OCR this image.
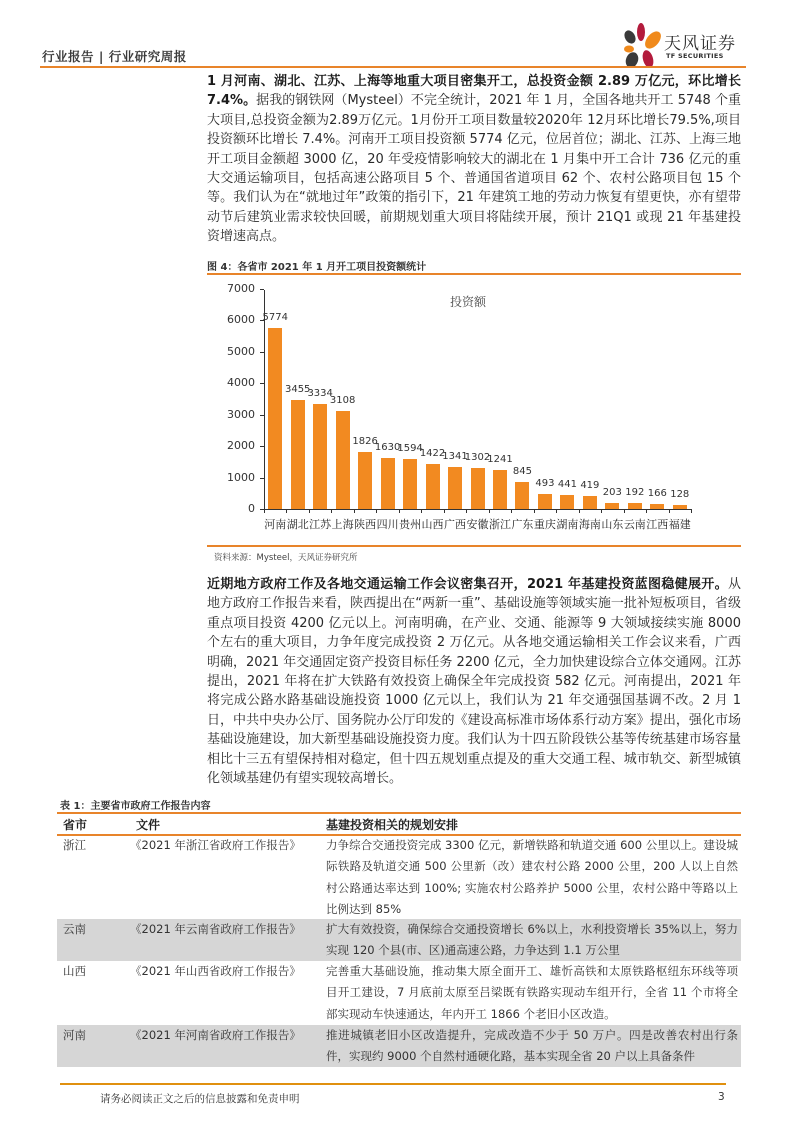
行业报告 | 行业研究周报
天风证券
TF SECURITIES
1 月河南、湖北、江苏、上海等地重大项目密集开工，总投资金额 2.89 万亿元，环比增长 7.4%。据我的钢铁网（Mysteel）不完全统计，2021 年 1 月，全国各地共开工 5748 个重大项目,总投资金额为2.89万亿元。1月份开工项目数量较2020年 12月环比增长79.5%,项目投资额环比增长 7.4%。河南开工项目投资额 5774 亿元，位居首位；湖北、江苏、上海三地开工项目金额超 3000 亿，20 年受疫情影响较大的湖北在 1 月集中开工合计 736 亿元的重大交通运输项目，包括高速公路项目 5 个、普通国省道项目 62 个、农村公路项目包 15 个等。我们认为在“就地过年”政策的指引下，21 年建筑工地的劳动力恢复有望更快，亦有望带动节后建筑业需求较快回暖，前期规划重大项目将陆续开展，预计 21Q1 或现 21 年基建投资增速高点。
图 4：各省市 2021 年 1 月开工项目投资额统计
投资额
0
1000
2000
3000
4000
5000
6000
7000
5774
河南
3455
湖北
3334
江苏
3108
上海
1826
陕西
1630
四川
1594
贵州
1422
山西
1341
广西
1302
安徽
1241
浙江
845
广东
493
重庆
441
湖南
419
海南
203
山东
192
云南
166
江西
128
福建
资料来源：Mysteel，天风证券研究所
近期地方政府工作及各地交通运输工作会议密集召开，2021 年基建投资蓝图稳健展开。从地方政府工作报告来看，陕西提出在“两新一重”、基础设施等领域实施一批补短板项目，省级重点项目投资 4200 亿元以上。河南明确，在产业、交通、能源等 9 大领域接续实施 8000 个左右的重大项目，力争年度完成投资 2 万亿元。从各地交通运输相关工作会议来看，广西明确，2021 年交通固定资产投资目标任务 2200 亿元，全力加快建设综合立体交通网。江苏提出，2021 年将在扩大铁路有效投资上确保全年完成投资 582 亿元。河南提出，2021 年将完成公路水路基础设施投资 1000 亿元以上，我们认为 21 年交通强国基调不改。2 月 1 日，中共中央办公厅、国务院办公厅印发的《建设高标准市场体系行动方案》提出，强化市场基础设施建设，加大新型基础设施投资力度。我们认为十四五阶段铁公基等传统基建市场容量相比十三五有望保持相对稳定，但十四五规划重点提及的重大交通工程、城市轨交、新型城镇化领域基建仍有望实现较高增长。
表 1：主要省市政府工作报告内容
省市	文件	基建投资相关的规划安排
浙江	《2021 年浙江省政府工作报告》 力争综合交通投资完成 3300 亿元，新增铁路和轨道交通 600 公里以上。建设城际铁路及轨道交通 500 公里新（改）建农村公路 2000 公里，200 人以上自然村公路通达率达到 100%; 实施农村公路养护 5000 公里，农村公路中等路以上比例达到 85%
云南	《2021 年云南省政府工作报告》 扩大有效投资，确保综合交通投资增长 6%以上，水利投资增长 35%以上，努力实现 120 个县(市、区)通高速公路，力争达到 1.1 万公里
山西	《2021 年山西省政府工作报告》 完善重大基础设施，推动集大原全面开工、雄忻高铁和太原铁路枢纽东环线等项目开工建设，7 月底前太原至吕梁既有铁路实现动车组开行，全省 11 个市将全部实现动车快速通达，年内开工 1866 个老旧小区改造。
河南	《2021 年河南省政府工作报告》 推进城镇老旧小区改造提升，完成改造不少于 50 万户。四是改善农村出行条件，实现约 9000 个自然村通硬化路，基本实现全省 20 户以上具备条件
请务必阅读正文之后的信息披露和免责申明	3
